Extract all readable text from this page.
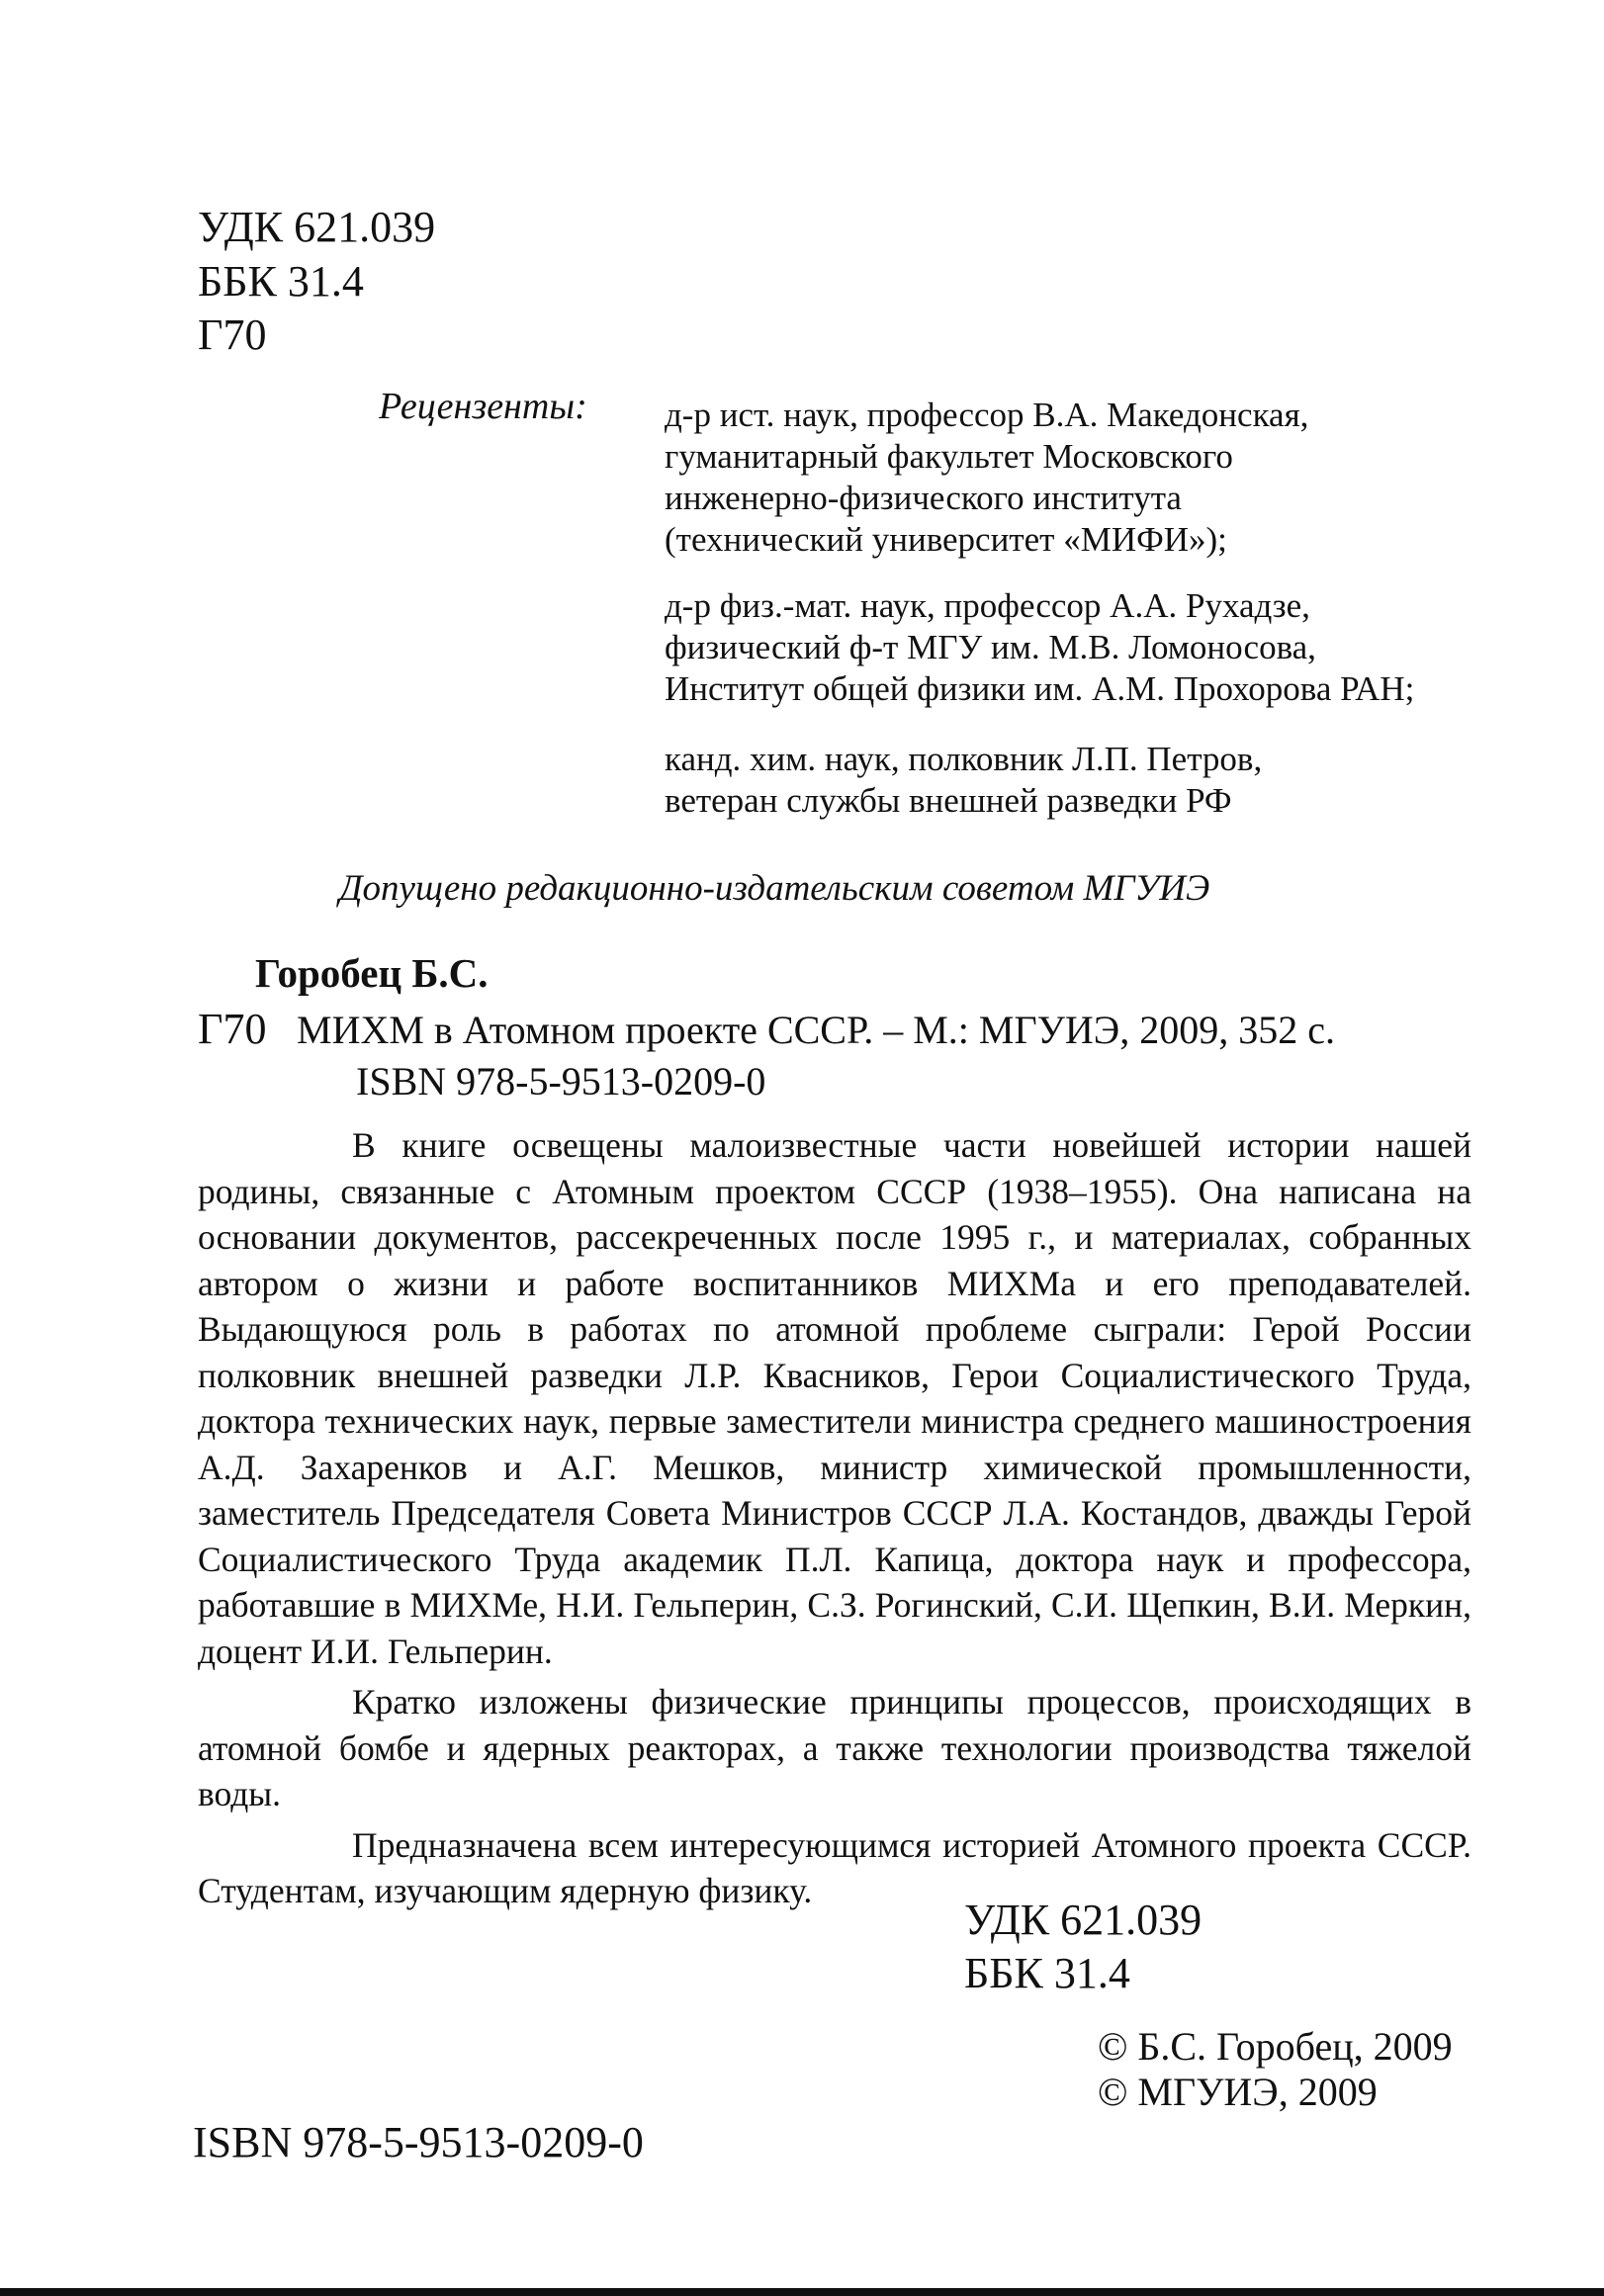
УДК 621.039
ББК 31.4
Г70
Рецензенты: д-р ист. наук, профессор В.А. Македонская,
гуманитарный факультет Московского
инженерно-физического института
(технический университет «МИФИ»);
д-р физ.-мат. наук, профессор А.А. Рухадзе,
физический ф-т МГУ им. М.В. Ломоносова,
Институт общей физики им. А.М. Прохорова РАН;
канд. хим. наук, полковник Л.П. Петров,
ветеран службы внешней разведки РФ
Допущено редакционно-издательским советом МГУИЭ
Горобец Б.С.
Г70 МИХМ в Атомном проекте СССР. – М.: МГУИЭ, 2009, 352 с.
ISBN 978-5-9513-0209-0

В книге освещены малоизвестные части новейшей истории нашей родины, связанные с Атомным проектом СССР (1938–1955). Она написана на основании документов, рассекреченных после 1995 г., и материалах, собранных автором о жизни и работе воспитанников МИХМа и его преподавателей. Выдающуюся роль в работах по атомной проблеме сыграли: Герой России полковник внешней разведки Л.Р. Квасников, Герои Социалистического Труда, доктора технических наук, первые заместители министра среднего машиностроения А.Д. Захаренков и А.Г. Мешков, министр химической промышленности, заместитель Председателя Совета Министров СССР Л.А. Костандов, дважды Герой Социалистического Труда академик П.Л. Капица, доктора наук и профессора, работавшие в МИХМе, Н.И. Гельперин, С.З. Рогинский, С.И. Щепкин, В.И. Меркин, доцент И.И. Гельперин.

Кратко изложены физические принципы процессов, происходящих в атомной бомбе и ядерных реакторах, а также технологии производства тяжелой воды.

Предназначена всем интересующимся историей Атомного проекта СССР. Студентам, изучающим ядерную физику.

УДК 621.039
ББК 31.4
© Б.С. Горобец, 2009
© МГУИЭ, 2009
ISBN 978-5-9513-0209-0
